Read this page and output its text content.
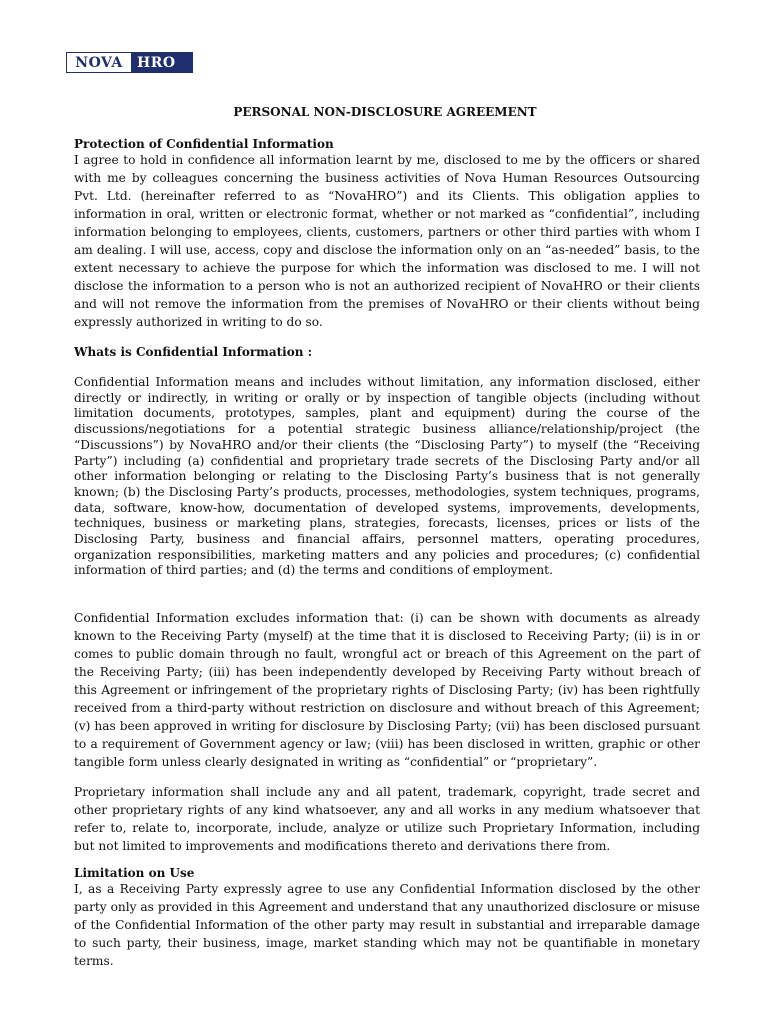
NOVA	HRO
PERSONAL NON-DISCLOSURE AGREEMENT

Protection of Confidential Information

I agree to hold in confidence all information learnt by me, disclosed to me by the officers or shared with me by colleagues concerning the business activities of Nova Human Resources Outsourcing Pvt. Ltd. (hereinafter referred to as “NovaHRO”) and its Clients. This obligation applies to information in oral, written or electronic format, whether or not marked as “confidential”, including information belonging to employees, clients, customers, partners or other third parties with whom I am dealing. I will use, access, copy and disclose the information only on an “as-needed” basis, to the extent necessary to achieve the purpose for which the information was disclosed to me. I will not disclose the information to a person who is not an authorized recipient of NovaHRO or their clients and will not remove the information from the premises of NovaHRO or their clients without being expressly authorized in writing to do so.

Whats is Confidential Information :

Confidential Information means and includes without limitation, any information disclosed, either directly or indirectly, in writing or orally or by inspection of tangible objects (including without limitation documents, prototypes, samples, plant and equipment) during the course of the discussions/negotiations for a potential strategic business alliance/relationship/project (the “Discussions”) by NovaHRO and/or their clients (the “Disclosing Party”) to myself (the “Receiving Party”) including (a) confidential and proprietary trade secrets of the Disclosing Party and/or all other information belonging or relating to the Disclosing Party’s business that is not generally known; (b) the Disclosing Party’s products, processes, methodologies, system techniques, programs, data, software, know-how, documentation of developed systems, improvements, developments, techniques, business or marketing plans, strategies, forecasts, licenses, prices or lists of the Disclosing Party, business and financial affairs, personnel matters, operating procedures, organization responsibilities, marketing matters and any policies and procedures; (c) confidential information of third parties; and (d) the terms and conditions of employment.

Confidential Information excludes information that: (i) can be shown with documents as already known to the Receiving Party (myself) at the time that it is disclosed to Receiving Party; (ii) is in or comes to public domain through no fault, wrongful act or breach of this Agreement on the part of the Receiving Party; (iii) has been independently developed by Receiving Party without breach of this Agreement or infringement of the proprietary rights of Disclosing Party; (iv) has been rightfully received from a third-party without restriction on disclosure and without breach of this Agreement; (v) has been approved in writing for disclosure by Disclosing Party; (vii) has been disclosed pursuant to a requirement of Government agency or law; (viii) has been disclosed in written, graphic or other tangible form unless clearly designated in writing as “confidential” or “proprietary”.

Proprietary information shall include any and all patent, trademark, copyright, trade secret and other proprietary rights of any kind whatsoever, any and all works in any medium whatsoever that refer to, relate to, incorporate, include, analyze or utilize such Proprietary Information, including but not limited to improvements and modifications thereto and derivations there from.

Limitation on Use

I, as a Receiving Party expressly agree to use any Confidential Information disclosed by the other party only as provided in this Agreement and understand that any unauthorized disclosure or misuse of the Confidential Information of the other party may result in substantial and irreparable damage to such party, their business, image, market standing which may not be quantifiable in monetary terms.
